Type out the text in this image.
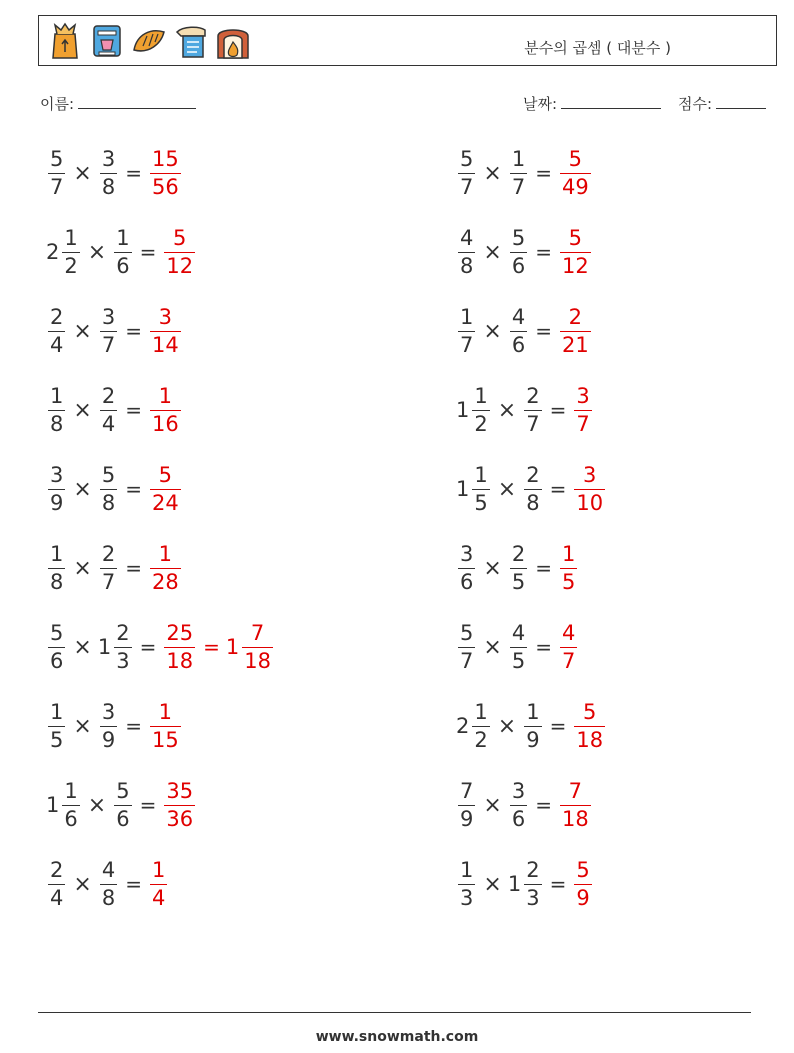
분수의 곱셈 ( 대분수 )
이름:	날짜:	점수:
$\frac{5}{7} \times \frac{3}{8} = \frac{15}{56}$
$2 \frac{1}{2} \times \frac{1}{6} = \frac{5}{12}$
$\frac{2}{4} \times \frac{3}{7} = \frac{3}{14}$
$\frac{1}{8} \times \frac{2}{4} = \frac{1}{16}$
$\frac{3}{9} \times \frac{5}{8} = \frac{5}{24}$
$\frac{1}{8} \times \frac{2}{7} = \frac{1}{28}$
$\frac{5}{6} \times 1 \frac{2}{3} = \frac{25}{18} = 1 \frac{7}{18}$
$\frac{1}{5} \times \frac{3}{9} = \frac{1}{15}$
$1 \frac{1}{6} \times \frac{5}{6} = \frac{35}{36}$
$\frac{2}{4} \times \frac{4}{8} = \frac{1}{4}$
$\frac{5}{7} \times \frac{1}{7} = \frac{5}{49}$
$\frac{4}{8} \times \frac{5}{6} = \frac{5}{12}$
$\frac{1}{7} \times \frac{4}{6} = \frac{2}{21}$
$1 \frac{1}{2} \times \frac{2}{7} = \frac{3}{7}$
$1 \frac{1}{5} \times \frac{2}{8} = \frac{3}{10}$
$\frac{3}{6} \times \frac{2}{5} = \frac{1}{5}$
$\frac{5}{7} \times \frac{4}{5} = \frac{4}{7}$
$2 \frac{1}{2} \times \frac{1}{9} = \frac{5}{18}$
$\frac{7}{9} \times \frac{3}{6} = \frac{7}{18}$
$\frac{1}{3} \times 1 \frac{2}{3} = \frac{5}{9}$
www.snowmath.com
